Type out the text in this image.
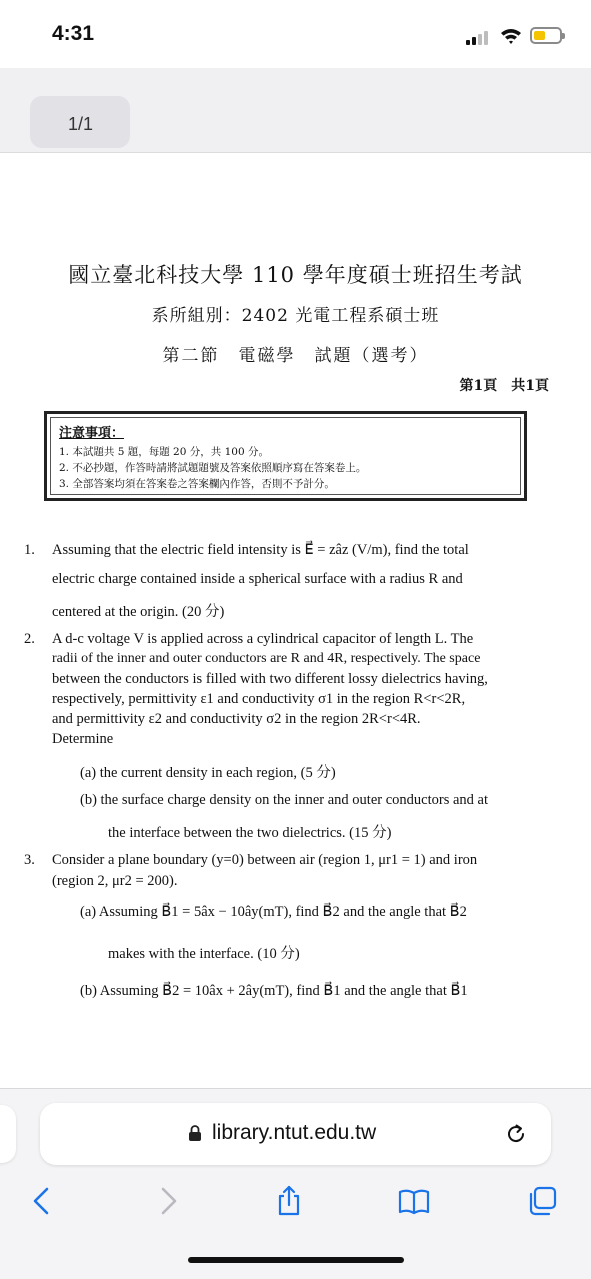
4:31
1/1
國立臺北科技大學 110 學年度碩士班招生考試
系所組別：2402 光電工程系碩士班
第二節　電磁學　試題（選考）
第1頁　共1頁
注意事項：
1. 本試題共 5 題，每題 20 分，共 100 分。
2. 不必抄題，作答時請將試題題號及答案依照順序寫在答案卷上。
3. 全部答案均須在答案卷之答案欄內作答，否則不予計分。
1. Assuming that the electric field intensity is E⃗ = zâz (V/m), find the total
electric charge contained inside a spherical surface with a radius R and
centered at the origin. (20 分)
2. A d-c voltage V is applied across a cylindrical capacitor of length L. The
radii of the inner and outer conductors are R and 4R, respectively. The space
between the conductors is filled with two different lossy dielectrics having,
respectively, permittivity ε1 and conductivity σ1 in the region R<r<2R,
and permittivity ε2 and conductivity σ2 in the region 2R<r<4R.
Determine
(a) the current density in each region, (5 分)
(b) the surface charge density on the inner and outer conductors and at
the interface between the two dielectrics. (15 分)
3. Consider a plane boundary (y=0) between air (region 1, μr1 = 1) and iron
(region 2, μr2 = 200).
(a) Assuming B⃗1 = 5âx − 10ây(mT), find B⃗2 and the angle that B⃗2
makes with the interface. (10 分)
(b) Assuming B⃗2 = 10âx + 2ây(mT), find B⃗1 and the angle that B⃗1
library.ntut.edu.tw
